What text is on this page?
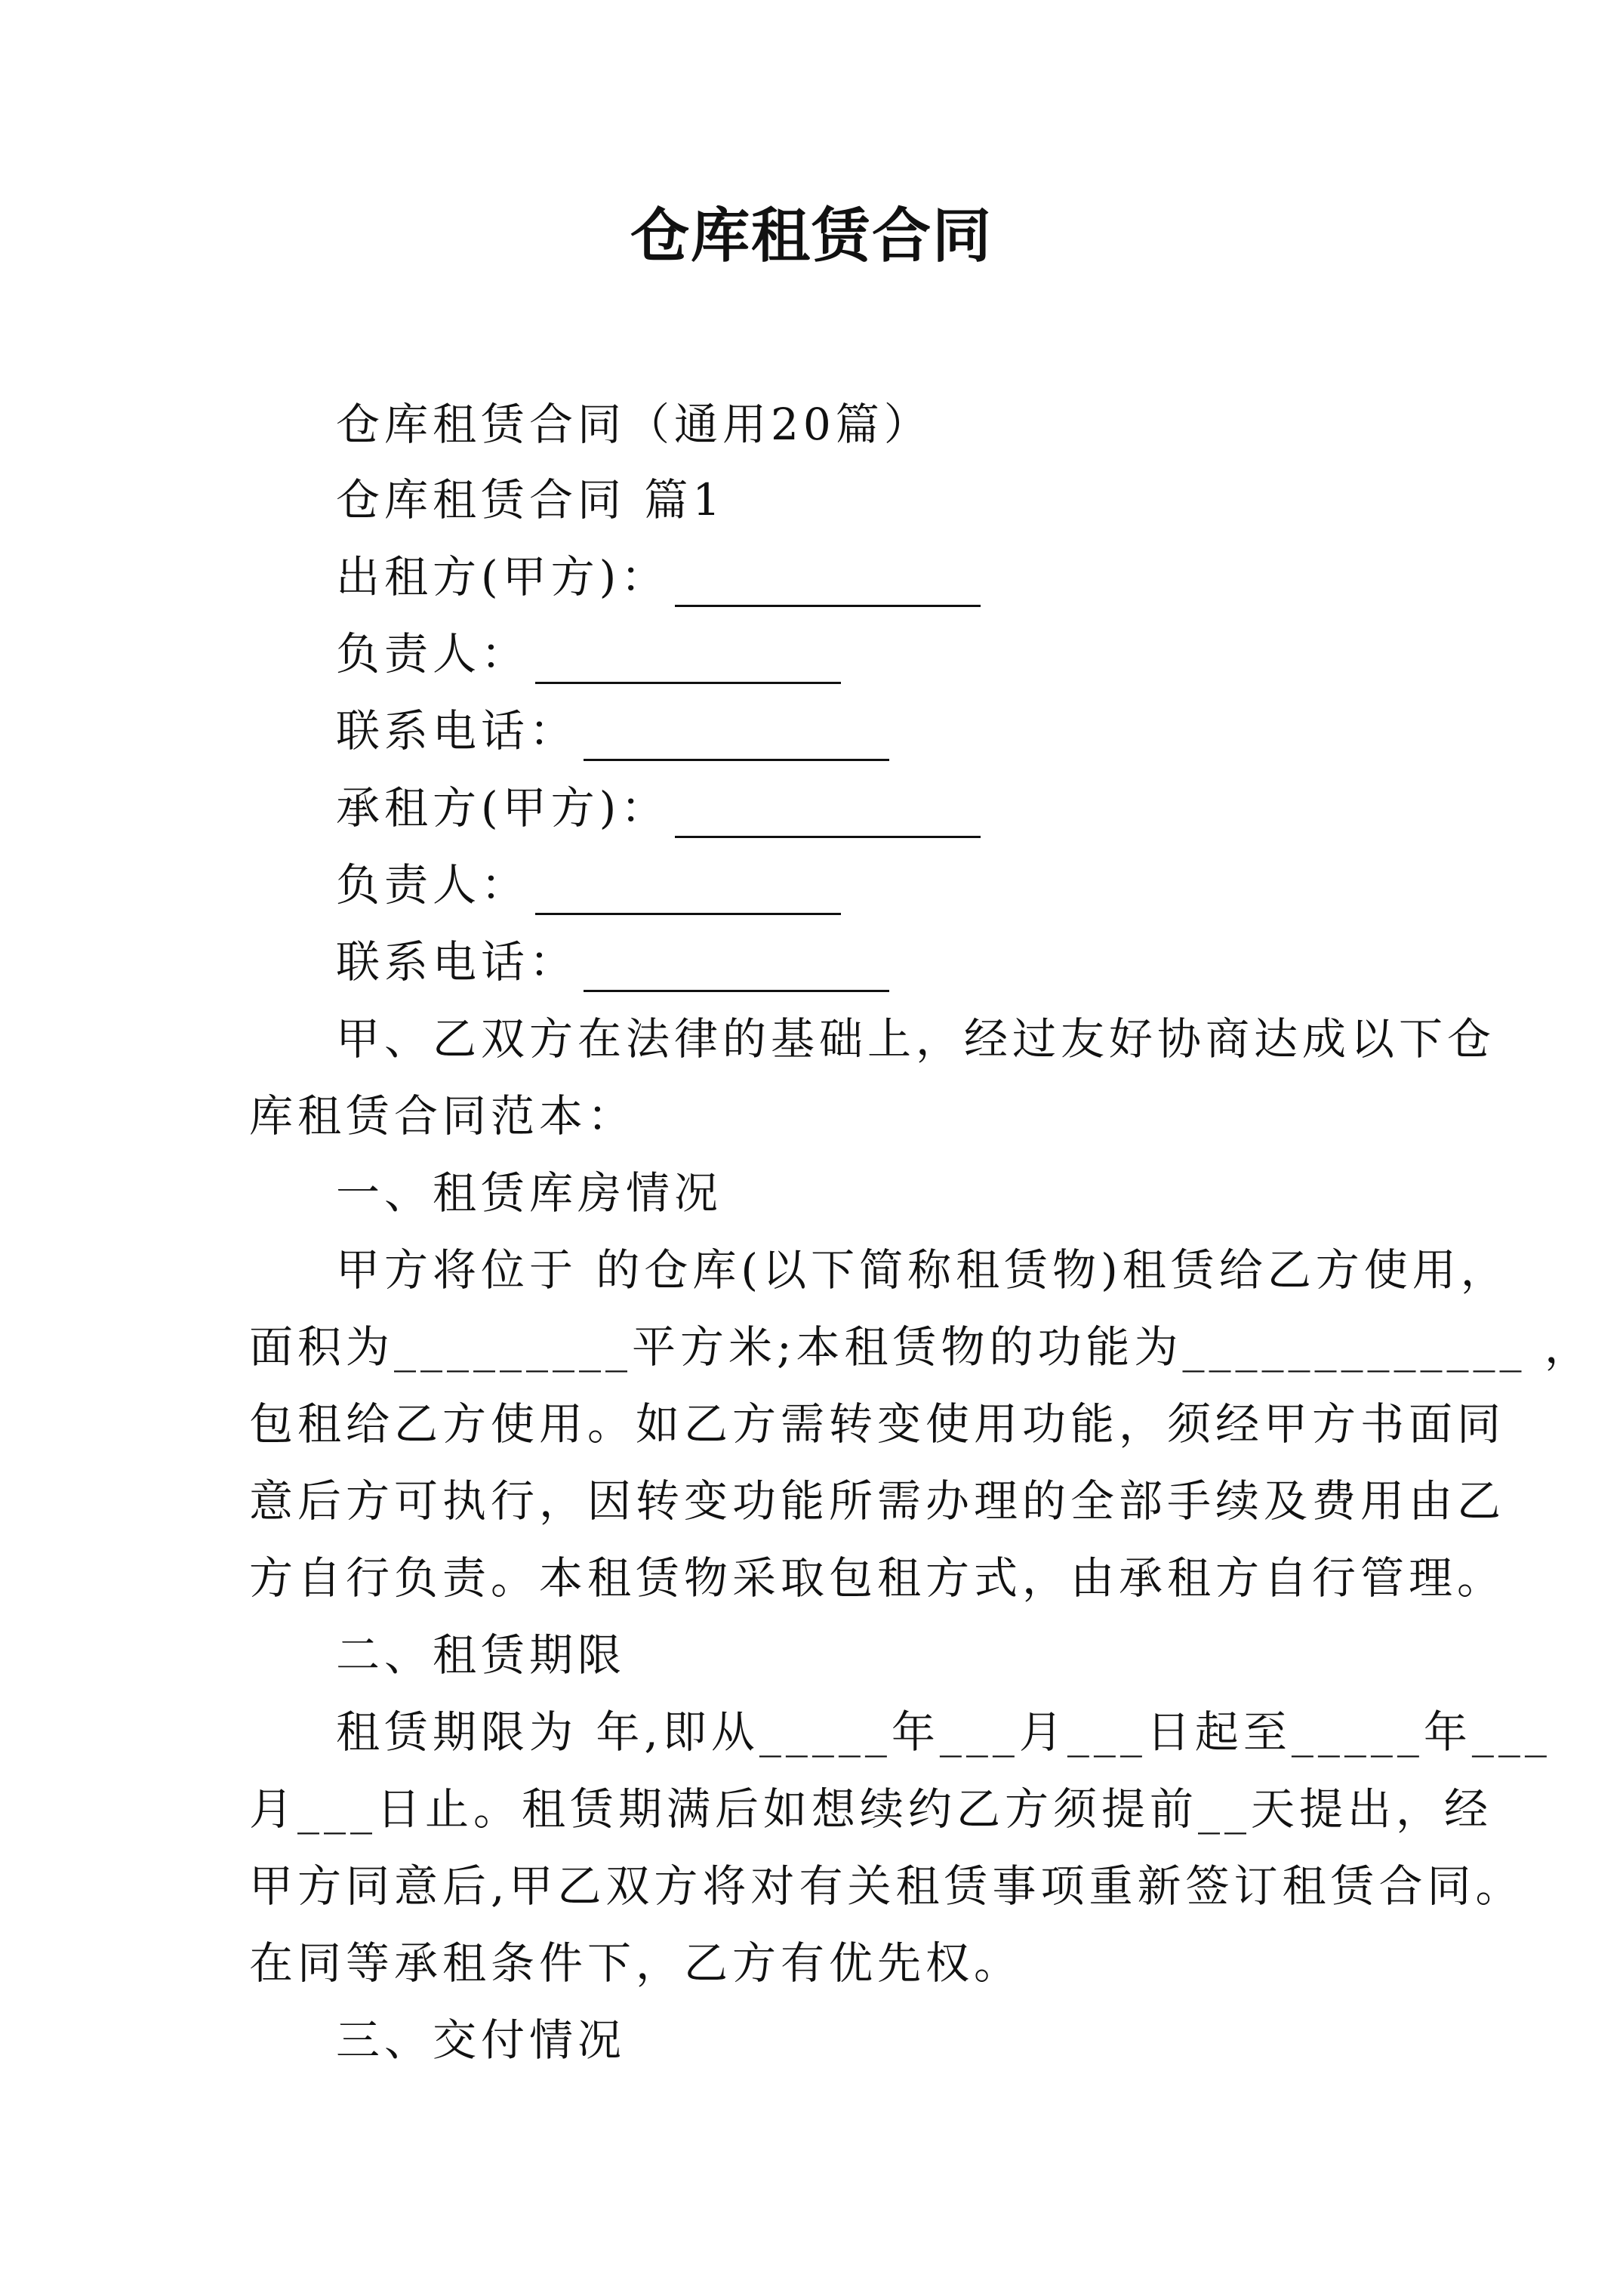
仓库租赁合同
仓库租赁合同（通用20篇）
仓库租赁合同 篇1
出租方(甲方)：
负责人：
联系电话：
承租方(甲方)：
负责人：
联系电话：
甲、乙双方在法律的基础上，经过友好协商达成以下仓
库租赁合同范本：
一、租赁库房情况
甲方将位于 的仓库(以下简称租赁物)租赁给乙方使用，
面积为_________平方米;本租赁物的功能为_____________ ，
包租给乙方使用。如乙方需转变使用功能，须经甲方书面同
意后方可执行，因转变功能所需办理的全部手续及费用由乙
方自行负责。本租赁物采取包租方式，由承租方自行管理。
二、租赁期限
租赁期限为 年,即从_____年___月___日起至_____年___
月___日止。租赁期满后如想续约乙方须提前__天提出，经
甲方同意后,甲乙双方将对有关租赁事项重新签订租赁合同。
在同等承租条件下，乙方有优先权。
三、交付情况
